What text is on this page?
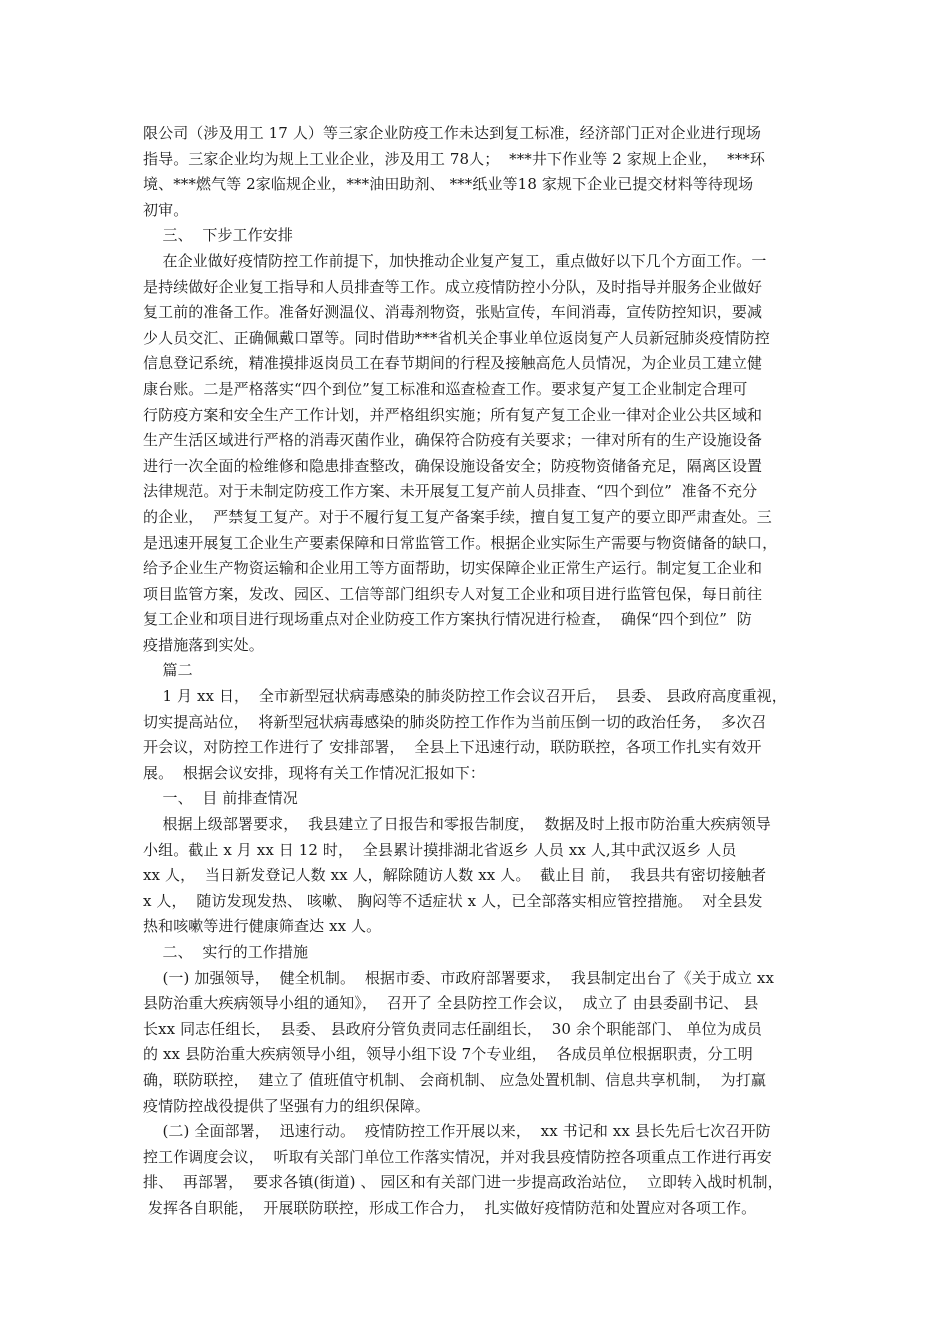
限公司（涉及用工 17 人）等三家企业防疫工作未达到复工标准，经济部门正对企业进行现场
指导。三家企业均为规上工业企业，涉及用工 78人；  ***井下作业等 2 家规上企业，  ***环
境、***燃气等 2家临规企业，***油田助剂、 ***纸业等18 家规下企业已提交材料等待现场
初审。
三、  下步工作安排
在企业做好疫情防控工作前提下，加快推动企业复产复工，重点做好以下几个方面工作。一
是持续做好企业复工指导和人员排查等工作。成立疫情防控小分队，及时指导并服务企业做好
复工前的准备工作。准备好测温仪、消毒剂物资，张贴宣传，车间消毒，宣传防控知识，要减
少人员交汇、正确佩戴口罩等。同时借助***省机关企事业单位返岗复产人员新冠肺炎疫情防控
信息登记系统，精准摸排返岗员工在春节期间的行程及接触高危人员情况，为企业员工建立健
康台账。二是严格落实“四个到位”复工标准和巡查检查工作。要求复产复工企业制定合理可
行防疫方案和安全生产工作计划，并严格组织实施；所有复产复工企业一律对企业公共区域和
生产生活区域进行严格的消毒灭菌作业，确保符合防疫有关要求；一律对所有的生产设施设备
进行一次全面的检维修和隐患排查整改，确保设施设备安全；防疫物资储备充足，隔离区设置
法律规范。对于未制定防疫工作方案、未开展复工复产前人员排查、“四个到位”  准备不充分
的企业，  严禁复工复产。对于不履行复工复产备案手续，擅自复工复产的要立即严肃查处。三
是迅速开展复工企业生产要素保障和日常监管工作。根据企业实际生产需要与物资储备的缺口，
给予企业生产物资运输和企业用工等方面帮助，切实保障企业正常生产运行。制定复工企业和
项目监管方案，发改、园区、工信等部门组织专人对复工企业和项目进行监管包保，每日前往
复工企业和项目进行现场重点对企业防疫工作方案执行情况进行检查，  确保“四个到位”  防
疫措施落到实处。
篇二
1 月 xx 日，  全市新型冠状病毒感染的肺炎防控工作会议召开后，  县委、 县政府高度重视，
切实提高站位，  将新型冠状病毒感染的肺炎防控工作作为当前压倒一切的政治任务，  多次召
开会议，对防控工作进行了 安排部署，  全县上下迅速行动，联防联控，各项工作扎实有效开
展。  根据会议安排，现将有关工作情况汇报如下：
一、  目 前排查情况
根据上级部署要求，  我县建立了日报告和零报告制度，  数据及时上报市防治重大疾病领导
小组。截止 x 月 xx 日 12 时，  全县累计摸排湖北省返乡 人员 xx 人,其中武汉返乡 人员
xx 人，  当日新发登记人数 xx 人，解除随访人数 xx 人。  截止目 前，  我县共有密切接触者
x 人，  随访发现发热、 咳嗽、 胸闷等不适症状 x 人，已全部落实相应管控措施。  对全县发
热和咳嗽等进行健康筛查达 xx 人。
二、  实行的工作措施
(一) 加强领导，  健全机制。  根据市委、市政府部署要求，  我县制定出台了《关于成立 xx
县防治重大疾病领导小组的通知》，  召开了 全县防控工作会议，  成立了 由县委副书记、 县
长xx 同志任组长，  县委、 县政府分管负责同志任副组长，  30 余个职能部门、 单位为成员
的 xx 县防治重大疾病领导小组，领导小组下设 7个专业组，  各成员单位根据职责，分工明
确，联防联控，  建立了 值班值守机制、 会商机制、 应急处置机制、信息共享机制，  为打赢
疫情防控战役提供了坚强有力的组织保障。
(二) 全面部署，  迅速行动。  疫情防控工作开展以来，  xx 书记和 xx 县长先后七次召开防
控工作调度会议，  听取有关部门单位工作落实情况，并对我县疫情防控各项重点工作进行再安
排、  再部署，  要求各镇(街道) 、 园区和有关部门进一步提高政治站位，  立即转入战时机制，
发挥各自职能，  开展联防联控，形成工作合力，  扎实做好疫情防范和处置应对各项工作。
